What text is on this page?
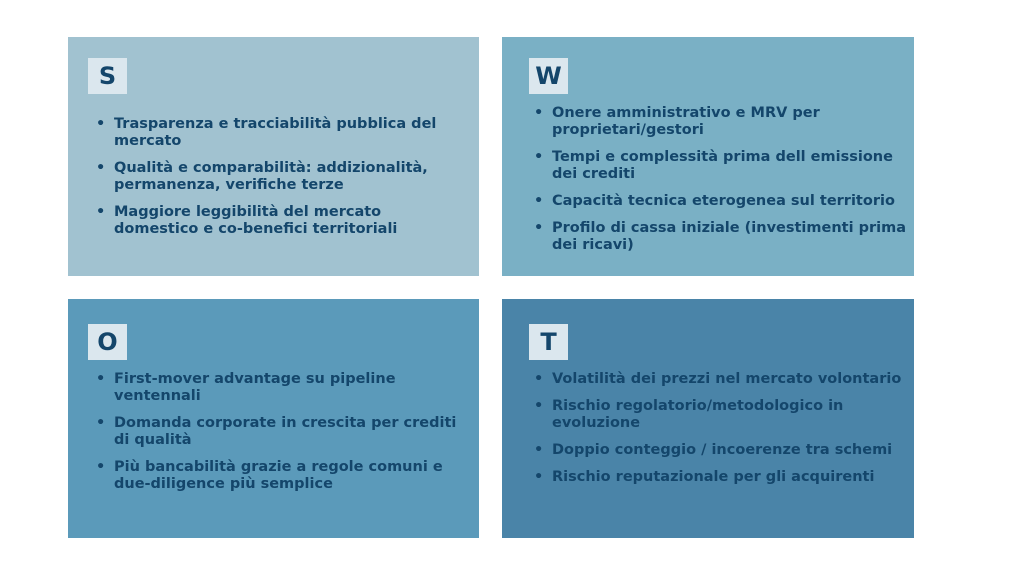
S
• Trasparenza e tracciabilità pubblica del mercato
• Qualità e comparabilità: addizionalità, permanenza, verifiche terze
• Maggiore leggibilità del mercato domestico e co-benefici territoriali
W
• Onere amministrativo e MRV per proprietari/gestori
• Tempi e complessità prima dell emissione dei crediti
• Capacità tecnica eterogenea sul territorio
• Profilo di cassa iniziale (investimenti prima dei ricavi)
O
• First-mover advantage su pipeline ventennali
• Domanda corporate in crescita per crediti di qualità
• Più bancabilità grazie a regole comuni e due-diligence più semplice
T
• Volatilità dei prezzi nel mercato volontario
• Rischio regolatorio/metodologico in evoluzione
• Doppio conteggio / incoerenze tra schemi
• Rischio reputazionale per gli acquirenti
